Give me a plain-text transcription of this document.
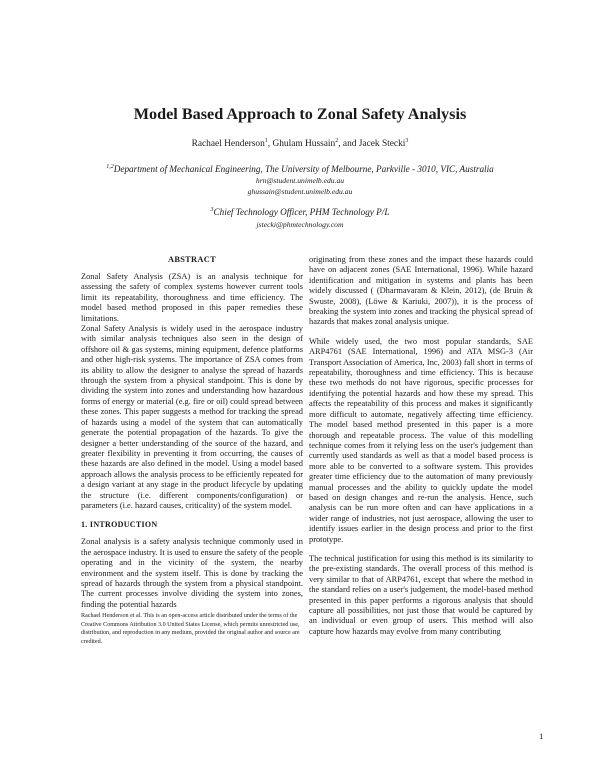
Model Based Approach to Zonal Safety Analysis
Rachael Henderson$^1$, Ghulam Hussain$^2$, and Jacek Stecki$^3$
$^{1,2}$Department of Mechanical Engineering, The University of Melbourne, Parkville - 3010, VIC, Australia
hrn@student.unimelb.edu.au
ghussain@student.unimelb.edu.au
$^3$Chief Technology Officer, PHM Technology P/L
jstecki@phmtechnology.com
ABSTRACT

Zonal Safety Analysis (ZSA) is an analysis technique for assessing the safety of complex systems however current tools limit its repeatability, thoroughness and time efficiency. The model based method proposed in this paper remedies these limitations.

Zonal Safety Analysis is widely used in the aerospace industry with similar analysis techniques also seen in the design of offshore oil & gas systems, mining equipment, defence platforms and other high-risk systems. The importance of ZSA comes from its ability to allow the designer to analyse the spread of hazards through the system from a physical standpoint. This is done by dividing the system into zones and understanding how hazardous forms of energy or material (e.g. fire or oil) could spread between these zones. This paper suggests a method for tracking the spread of hazards using a model of the system that can automatically generate the potential propagation of the hazards. To give the designer a better understanding of the source of the hazard, and greater flexibility in preventing it from occurring, the causes of these hazards are also defined in the model. Using a model based approach allows the analysis process to be efficiently repeated for a design variant at any stage in the product lifecycle by updating the structure (i.e. different components/configuration) or parameters (i.e. hazard causes, criticality) of the system model.

1. INTRODUCTION

Zonal analysis is a safety analysis technique commonly used in the aerospace industry. It is used to ensure the safety of the people operating and in the vicinity of the system, the nearby environment and the system itself. This is done by tracking the spread of hazards through the system from a physical standpoint. The current processes involve dividing the system into zones, finding the potential hazards

Rachael Henderson et al. This is an open-access article distributed under the terms of the Creative Commons Attribution 3.0 United States License, which permits unrestricted use, distribution, and reproduction in any medium, provided the original author and source are credited.

originating from these zones and the impact these hazards could have on adjacent zones (SAE International, 1996). While hazard identification and mitigation in systems and plants has been widely discussed ( (Dharmavaram & Klein, 2012), (de Bruin & Swuste, 2008), (Löwe & Kariuki, 2007)), it is the process of breaking the system into zones and tracking the physical spread of hazards that makes zonal analysis unique.

While widely used, the two most popular standards, SAE ARP4761 (SAE International, 1996) and ATA MSG-3 (Air Transport Association of America, Inc, 2003) fall short in terms of repeatability, thoroughness and time efficiency. This is because these two methods do not have rigorous, specific processes for identifying the potential hazards and how these my spread. This affects the repeatability of this process and makes it significantly more difficult to automate, negatively affecting time efficiency. The model based method presented in this paper is a more thorough and repeatable process. The value of this modelling technique comes from it relying less on the user's judgement than currently used standards as well as that a model based process is more able to be converted to a software system. This provides greater time efficiency due to the automation of many previously manual processes and the ability to quickly update the model based on design changes and re-run the analysis. Hence, such analysis can be run more often and can have applications in a wider range of industries, not just aerospace, allowing the user to identify issues earlier in the design process and prior to the first prototype.

The technical justification for using this method is its similarity to the pre-existing standards. The overall process of this method is very similar to that of ARP4761, except that where the method in the standard relies on a user's judgement, the model-based method presented in this paper performs a rigorous analysis that should capture all possibilities, not just those that would be captured by an individual or even group of users. This method will also capture how hazards may evolve from many contributing

1
